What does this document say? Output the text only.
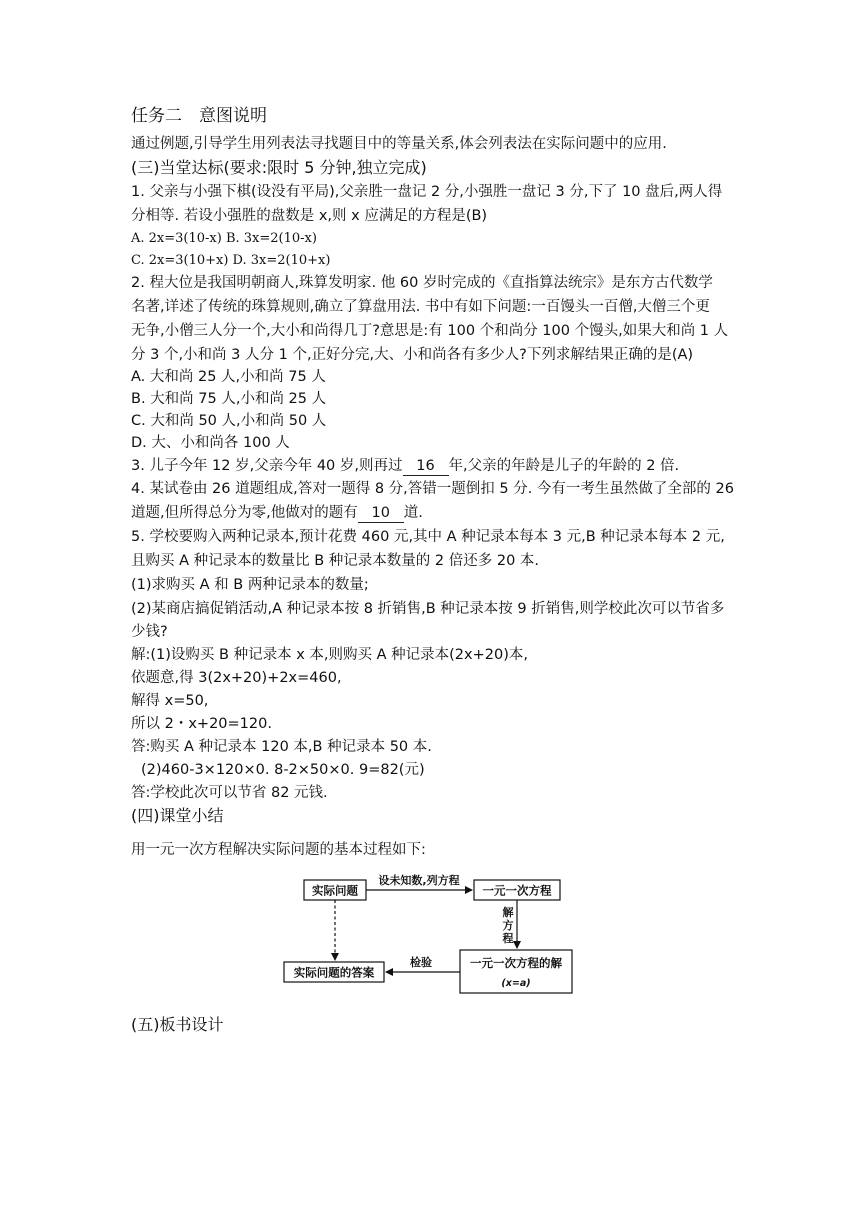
任务二　意图说明
通过例题,引导学生用列表法寻找题目中的等量关系,体会列表法在实际问题中的应用.
(三)当堂达标(要求:限时 5 分钟,独立完成)
1. 父亲与小强下棋(设没有平局),父亲胜一盘记 2 分,小强胜一盘记 3 分,下了 10 盘后,两人得
分相等. 若设小强胜的盘数是 x,则 x 应满足的方程是(B)
A. 2x=3(10-x) B. 3x=2(10-x)
C. 2x=3(10+x) D. 3x=2(10+x)
2. 程大位是我国明朝商人,珠算发明家. 他 60 岁时完成的《直指算法统宗》是东方古代数学
名著,详述了传统的珠算规则,确立了算盘用法. 书中有如下问题:一百馒头一百僧,大僧三个更
无争,小僧三人分一个,大小和尚得几丁?意思是:有 100 个和尚分 100 个馒头,如果大和尚 1 人
分 3 个,小和尚 3 人分 1 个,正好分完,大、小和尚各有多少人?下列求解结果正确的是(A)
A. 大和尚 25 人,小和尚 75 人
B. 大和尚 75 人,小和尚 25 人
C. 大和尚 50 人,小和尚 50 人
D. 大、小和尚各 100 人
3. 儿子今年 12 岁,父亲今年 40 岁,则再过 16 年,父亲的年龄是儿子的年龄的 2 倍.
4. 某试卷由 26 道题组成,答对一题得 8 分,答错一题倒扣 5 分. 今有一考生虽然做了全部的 26
道题,但所得总分为零,他做对的题有 10 道.
5. 学校要购入两种记录本,预计花费 460 元,其中 A 种记录本每本 3 元,B 种记录本每本 2 元,
且购买 A 种记录本的数量比 B 种记录本数量的 2 倍还多 20 本.
(1)求购买 A 和 B 两种记录本的数量;
(2)某商店搞促销活动,A 种记录本按 8 折销售,B 种记录本按 9 折销售,则学校此次可以节省多
少钱?
解:(1)设购买 B 种记录本 x 本,则购买 A 种记录本(2x+20)本,
依题意,得 3(2x+20)+2x=460,
解得 x=50,
所以 2・x+20=120.
答:购买 A 种记录本 120 本,B 种记录本 50 本.
(2)460-3×120×0. 8-2×50×0. 9=82(元)
答:学校此次可以节省 82 元钱.
(四)课堂小结
用一元一次方程解决实际问题的基本过程如下:
实际问题
设未知数,列方程
一元一次方程
解
方
程
一元一次方程的解
(x=a)
检验
实际问题的答案
(五)板书设计
